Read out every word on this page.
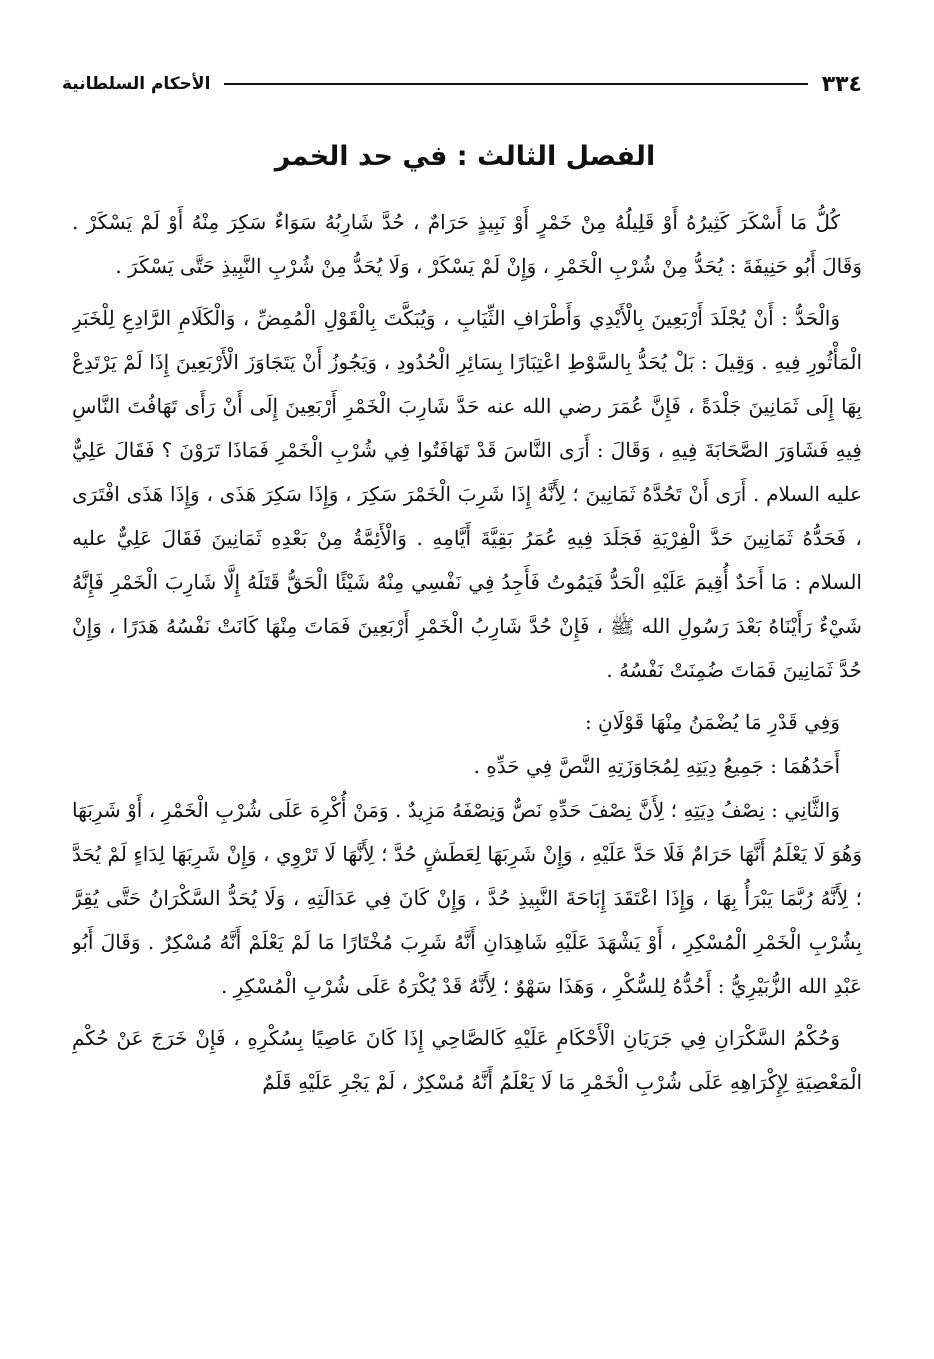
٣٣٤
الأحكام السلطانية
الفصل الثالث : في حد الخمر

كُلُّ مَا أَسْكَرَ كَثِيرُهُ أَوْ قَلِيلُهُ مِنْ خَمْرٍ أَوْ نَبِيذٍ حَرَامٌ ، حُدَّ شَارِبُهُ سَوَاءٌ سَكِرَ مِنْهُ أَوْ لَمْ يَسْكَرْ . وَقَالَ أَبُو حَنِيفَةَ : يُحَدُّ مِنْ شُرْبِ الْخَمْرِ ، وَإِنْ لَمْ يَسْكَرْ ، وَلَا يُحَدُّ مِنْ شُرْبِ النَّبِيذِ حَتَّى يَسْكَرَ .

وَالْحَدُّ : أَنْ يُجْلَدَ أَرْبَعِينَ بِالْأَيْدِي وَأَطْرَافِ الثِّيَابِ ، وَيُبَكَّتَ بِالْقَوْلِ الْمُمِضِّ ، وَالْكَلَامِ الرَّادِعِ لِلْخَبَرِ الْمَأْثُورِ فِيهِ . وَقِيلَ : بَلْ يُحَدُّ بِالسَّوْطِ اعْتِبَارًا بِسَائِرِ الْحُدُودِ ، وَيَجُوزُ أَنْ يَتَجَاوَزَ الْأَرْبَعِينَ إِذَا لَمْ يَرْتَدِعْ بِهَا إِلَى ثَمَانِينَ جَلْدَةً ، فَإِنَّ عُمَرَ رضي الله عنه حَدَّ شَارِبَ الْخَمْرِ أَرْبَعِينَ إِلَى أَنْ رَأَى تَهَافُتَ النَّاسِ فِيهِ فَشَاوَرَ الصَّحَابَةَ فِيهِ ، وَقَالَ : أَرَى النَّاسَ قَدْ تَهَافَتُوا فِي شُرْبِ الْخَمْرِ فَمَاذَا تَرَوْنَ ؟ فَقَالَ عَلِيٌّ عليه السلام . أَرَى أَنْ تَحُدَّهُ ثَمَانِينَ ؛ لِأَنَّهُ إِذَا شَرِبَ الْخَمْرَ سَكِرَ ، وَإِذَا سَكِرَ هَذَى ، وَإِذَا هَذَى افْتَرَى ، فَحَدُّهُ ثَمَانِينَ حَدَّ الْفِرْيَةِ فَجَلَدَ فِيهِ عُمَرُ بَقِيَّةَ أَيَّامِهِ . وَالْأَئِمَّةُ مِنْ بَعْدِهِ ثَمَانِينَ فَقَالَ عَلِيٌّ عليه السلام : مَا أَحَدٌ أُقِيمَ عَلَيْهِ الْحَدُّ فَيَمُوتُ فَأَجِدُ فِي نَفْسِي مِنْهُ شَيْئًا الْحَقُّ قَتَلَهُ إِلَّا شَارِبَ الْخَمْرِ فَإِنَّهُ شَيْءٌ رَأَيْنَاهُ بَعْدَ رَسُولِ الله ﷺ ، فَإِنْ حُدَّ شَارِبُ الْخَمْرِ أَرْبَعِينَ فَمَاتَ مِنْهَا كَانَتْ نَفْسُهُ هَدَرًا ، وَإِنْ حُدَّ ثَمَانِينَ فَمَاتَ ضُمِنَتْ نَفْسُهُ .

وَفِي قَدْرِ مَا يُضْمَنُ مِنْهَا قَوْلَانِ :

أَحَدُهُمَا : جَمِيعُ دِيَتِهِ لِمُجَاوَزَتِهِ النَّصَّ فِي حَدِّهِ .

وَالثَّانِي : نِصْفُ دِيَتِهِ ؛ لِأَنَّ نِصْفَ حَدِّهِ نَصٌّ وَنِصْفَهُ مَزِيدٌ . وَمَنْ أُكْرِهَ عَلَى شُرْبِ الْخَمْرِ ، أَوْ شَرِبَهَا وَهُوَ لَا يَعْلَمُ أَنَّهَا حَرَامٌ فَلَا حَدَّ عَلَيْهِ ، وَإِنْ شَرِبَهَا لِعَطَشٍ حُدَّ ؛ لِأَنَّهَا لَا تَرْوِي ، وَإِنْ شَرِبَهَا لِدَاءٍ لَمْ يُحَدَّ ؛ لِأَنَّهُ رُبَّمَا يَبْرَأُ بِهَا ، وَإِذَا اعْتَقَدَ إِبَاحَةَ النَّبِيذِ حُدَّ ، وَإِنْ كَانَ فِي عَدَالَتِهِ ، وَلَا يُحَدُّ السَّكْرَانُ حَتَّى يُقِرَّ بِشُرْبِ الْخَمْرِ الْمُسْكِرِ ، أَوْ يَشْهَدَ عَلَيْهِ شَاهِدَانِ أَنَّهُ شَرِبَ مُخْتَارًا مَا لَمْ يَعْلَمْ أَنَّهُ مُسْكِرٌ . وَقَالَ أَبُو عَبْدِ الله الزُّبَيْرِيُّ : أَحُدُّهُ لِلسُّكْرِ ، وَهَذَا سَهْوٌ ؛ لِأَنَّهُ قَدْ يُكْرَهُ عَلَى شُرْبِ الْمُسْكِرِ .

وَحُكْمُ السَّكْرَانِ فِي جَرَيَانِ الْأَحْكَامِ عَلَيْهِ كَالصَّاحِي إِذَا كَانَ عَاصِيًا بِسُكْرِهِ ، فَإِنْ خَرَجَ عَنْ حُكْمِ الْمَعْصِيَةِ لِإِكْرَاهِهِ عَلَى شُرْبِ الْخَمْرِ مَا لَا يَعْلَمُ أَنَّهُ مُسْكِرٌ ، لَمْ يَجْرِ عَلَيْهِ قَلَمٌ
